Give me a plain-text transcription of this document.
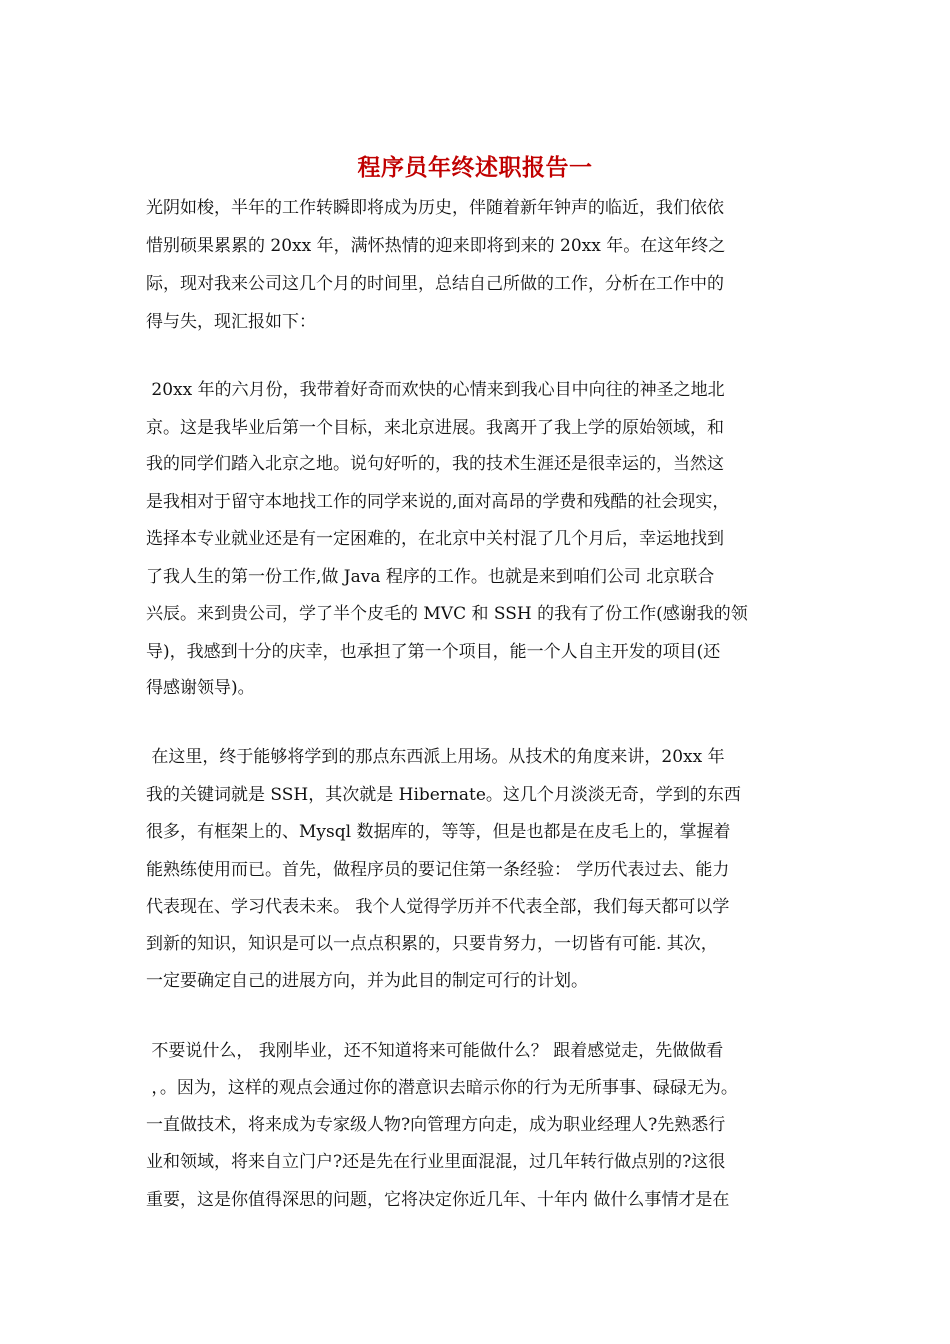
程序员年终述职报告一
光阴如梭，半年的工作转瞬即将成为历史，伴随着新年钟声的临近，我们依依
惜别硕果累累的 20xx 年，满怀热情的迎来即将到来的 20xx 年。在这年终之
际，现对我来公司这几个月的时间里，总结自己所做的工作，分析在工作中的
得与失，现汇报如下：
20xx 年的六月份，我带着好奇而欢快的心情来到我心目中向往的神圣之地北
京。这是我毕业后第一个目标，来北京进展。我离开了我上学的原始领域，和
我的同学们踏入北京之地。说句好听的，我的技术生涯还是很幸运的，当然这
是我相对于留守本地找工作的同学来说的,面对高昂的学费和残酷的社会现实，
选择本专业就业还是有一定困难的，在北京中关村混了几个月后，幸运地找到
了我人生的第一份工作,做 Java 程序的工作。也就是来到咱们公司 北京联合
兴辰。来到贵公司，学了半个皮毛的 MVC 和 SSH 的我有了份工作(感谢我的领
导)，我感到十分的庆幸，也承担了第一个项目，能一个人自主开发的项目(还
得感谢领导)。
在这里，终于能够将学到的那点东西派上用场。从技术的角度来讲，20xx 年
我的关键词就是 SSH，其次就是 Hibernate。这几个月淡淡无奇，学到的东西
很多，有框架上的、Mysql 数据库的，等等，但是也都是在皮毛上的，掌握着
能熟练使用而已。首先，做程序员的要记住第一条经验： 学历代表过去、能力
代表现在、学习代表未来。 我个人觉得学历并不代表全部，我们每天都可以学
到新的知识，知识是可以一点点积累的，只要肯努力，一切皆有可能. 其次，
一定要确定自己的进展方向，并为此目的制定可行的计划。
不要说什么， 我刚毕业，还不知道将来可能做什么？ 跟着感觉走，先做做看
，。因为，这样的观点会通过你的潜意识去暗示你的行为无所事事、碌碌无为。
一直做技术，将来成为专家级人物?向管理方向走，成为职业经理人?先熟悉行
业和领域，将来自立门户?还是先在行业里面混混，过几年转行做点别的?这很
重要，这是你值得深思的问题，它将决定你近几年、十年内 做什么事情才是在
